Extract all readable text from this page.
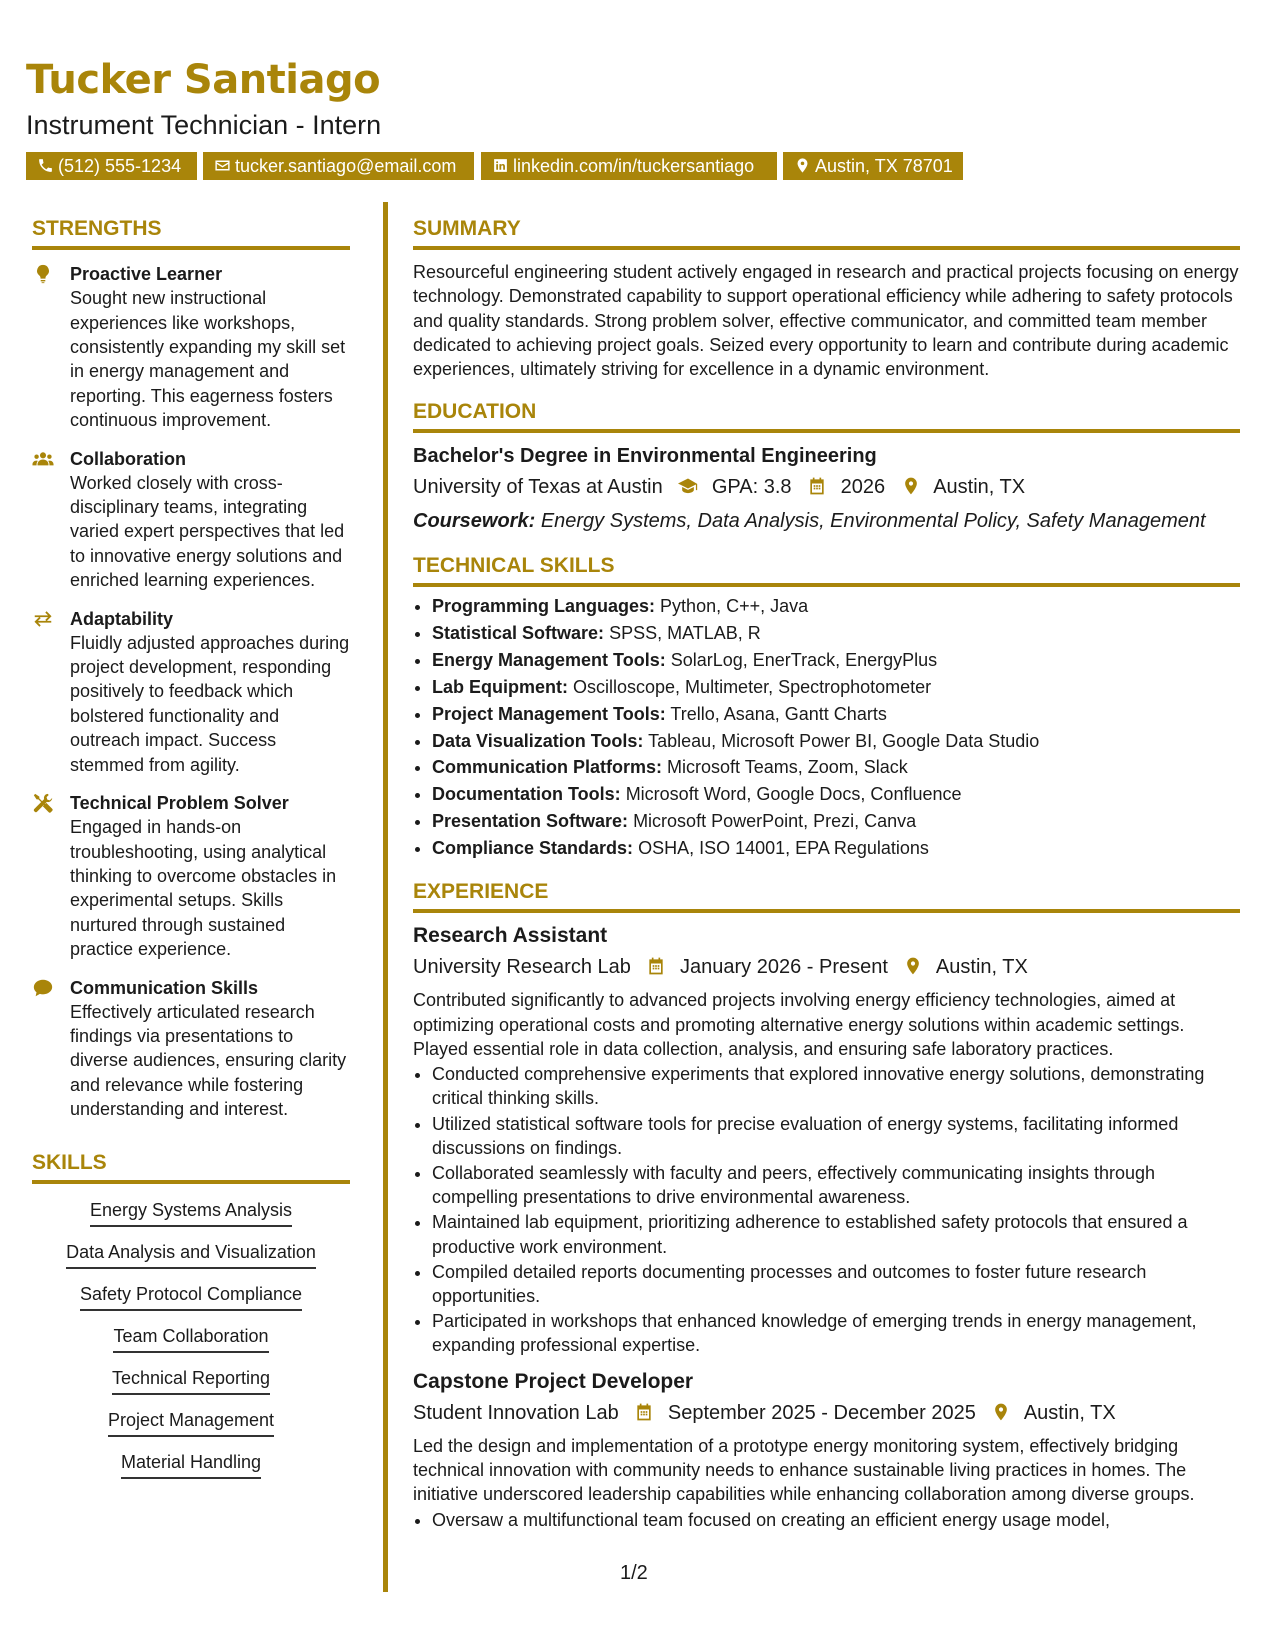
Tucker Santiago
Instrument Technician - Intern
(512) 555-1234	tucker.santiago@email.com	linkedin.com/in/tuckersantiago	Austin, TX 78701
STRENGTHS
Proactive Learner
Sought new instructional experiences like workshops, consistently expanding my skill set in energy management and reporting. This eagerness fosters continuous improvement.
Collaboration
Worked closely with cross-disciplinary teams, integrating varied expert perspectives that led to innovative energy solutions and enriched learning experiences.
Adaptability
Fluidly adjusted approaches during project development, responding positively to feedback which bolstered functionality and outreach impact. Success stemmed from agility.
Technical Problem Solver
Engaged in hands-on troubleshooting, using analytical thinking to overcome obstacles in experimental setups. Skills nurtured through sustained practice experience.
Communication Skills
Effectively articulated research findings via presentations to diverse audiences, ensuring clarity and relevance while fostering understanding and interest.
SKILLS
Energy Systems Analysis
Data Analysis and Visualization
Safety Protocol Compliance
Team Collaboration
Technical Reporting
Project Management
Material Handling
SUMMARY

Resourceful engineering student actively engaged in research and practical projects focusing on energy technology. Demonstrated capability to support operational efficiency while adhering to safety protocols and quality standards. Strong problem solver, effective communicator, and committed team member dedicated to achieving project goals. Seized every opportunity to learn and contribute during academic experiences, ultimately striving for excellence in a dynamic environment.

EDUCATION
Bachelor's Degree in Environmental Engineering
University of Texas at Austin GPA: 3.8 2026 Austin, TX
Coursework: Energy Systems, Data Analysis, Environmental Policy, Safety Management
TECHNICAL SKILLS
• Programming Languages: Python, C++, Java
• Statistical Software: SPSS, MATLAB, R
• Energy Management Tools: SolarLog, EnerTrack, EnergyPlus
• Lab Equipment: Oscilloscope, Multimeter, Spectrophotometer
• Project Management Tools: Trello, Asana, Gantt Charts
• Data Visualization Tools: Tableau, Microsoft Power BI, Google Data Studio
• Communication Platforms: Microsoft Teams, Zoom, Slack
• Documentation Tools: Microsoft Word, Google Docs, Confluence
• Presentation Software: Microsoft PowerPoint, Prezi, Canva
• Compliance Standards: OSHA, ISO 14001, EPA Regulations
EXPERIENCE
Research Assistant
University Research Lab January 2026 - Present Austin, TX
Contributed significantly to advanced projects involving energy efficiency technologies, aimed at optimizing operational costs and promoting alternative energy solutions within academic settings. Played essential role in data collection, analysis, and ensuring safe laboratory practices.
• Conducted comprehensive experiments that explored innovative energy solutions, demonstrating critical thinking skills.
• Utilized statistical software tools for precise evaluation of energy systems, facilitating informed discussions on findings.
• Collaborated seamlessly with faculty and peers, effectively communicating insights through compelling presentations to drive environmental awareness.
• Maintained lab equipment, prioritizing adherence to established safety protocols that ensured a productive work environment.
• Compiled detailed reports documenting processes and outcomes to foster future research opportunities.
• Participated in workshops that enhanced knowledge of emerging trends in energy management, expanding professional expertise.
Capstone Project Developer
Student Innovation Lab September 2025 - December 2025 Austin, TX
Led the design and implementation of a prototype energy monitoring system, effectively bridging technical innovation with community needs to enhance sustainable living practices in homes. The initiative underscored leadership capabilities while enhancing collaboration among diverse groups.
• Oversaw a multifunctional team focused on creating an efficient energy usage model,
1/2
